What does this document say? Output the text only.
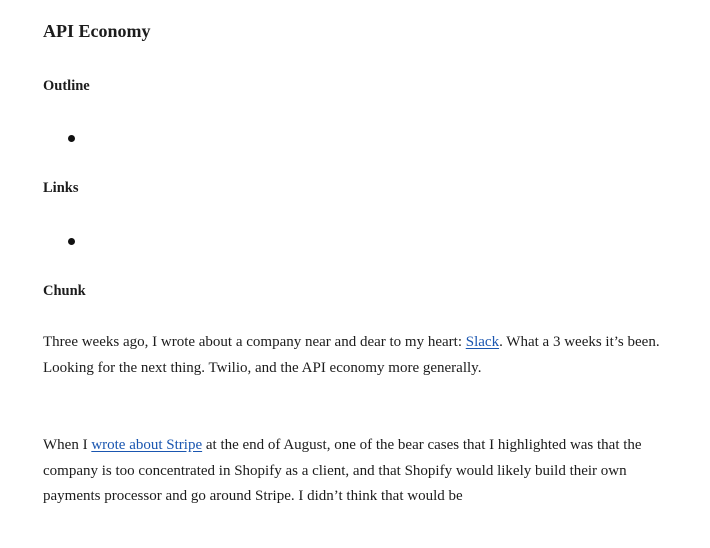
API Economy
Outline
Links
Chunk

Three weeks ago, I wrote about a company near and dear to my heart: Slack. What a 3 weeks it’s been. Looking for the next thing. Twilio, and the API economy more generally.

When I wrote about Stripe at the end of August, one of the bear cases that I highlighted was that the company is too concentrated in Shopify as a client, and that Shopify would likely build their own payments processor and go around Stripe. I didn’t think that would be
